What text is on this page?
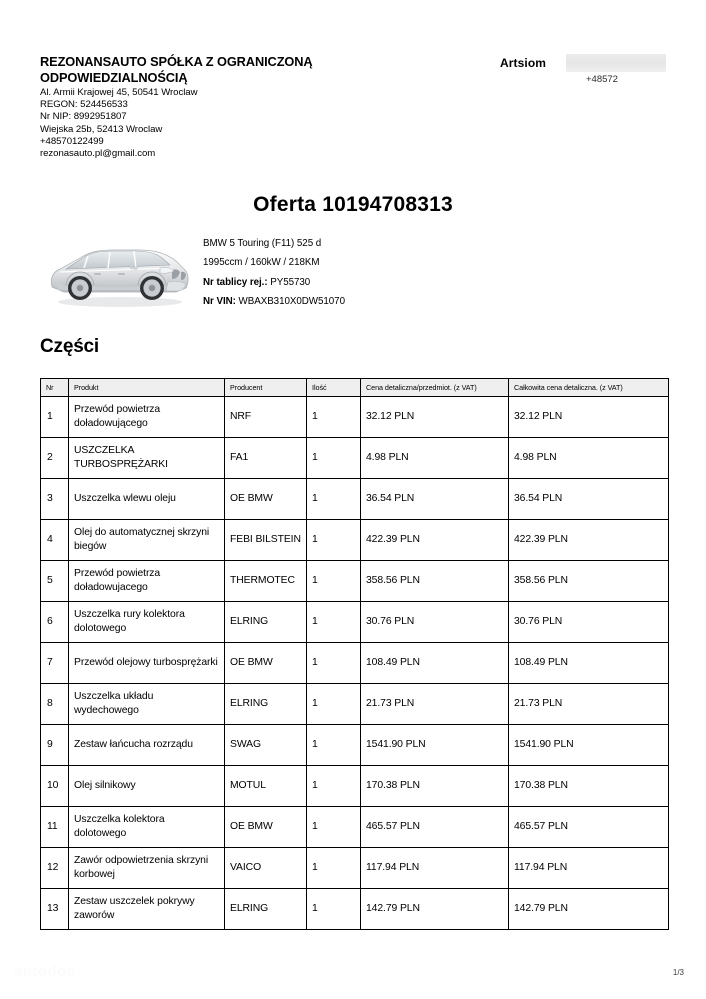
REZONANSAUTO SPÓŁKA Z OGRANICZONĄ ODPOWIEDZIALNOŚCIĄ
Al. Armii Krajowej 45, 50541 Wroclaw
REGON: 524456533
Nr NIP: 8992951807
Wiejska 25b, 52413 Wroclaw
+48570122499
rezonasauto.pl@gmail.com
Artsiom
+48572
Oferta 10194708313
BMW 5 Touring (F11) 525 d
1995ccm / 160kW / 218KM
Nr tablicy rej.: PY55730
Nr VIN: WBAXB310X0DW51070
Części
Nr	Produkt	Producent	Ilość	Cena detaliczna/przedmiot. (z VAT)	Całkowita cena detaliczna. (z VAT)
1	Przewód powietrza doładowującego	NRF	1	32.12 PLN	32.12 PLN
2	USZCZELKA TURBOSPRĘŻARKI	FA1	1	4.98 PLN	4.98 PLN
3	Uszczelka wlewu oleju	OE BMW	1	36.54 PLN	36.54 PLN
4	Olej do automatycznej skrzyni biegów	FEBI BILSTEIN	1	422.39 PLN	422.39 PLN
5	Przewód powietrza doładowujacego	THERMOTEC	1	358.56 PLN	358.56 PLN
6	Uszczelka rury kolektora dolotowego	ELRING	1	30.76 PLN	30.76 PLN
7	Przewód olejowy turbosprężarki	OE BMW	1	108.49 PLN	108.49 PLN
8	Uszczelka układu wydechowego	ELRING	1	21.73 PLN	21.73 PLN
9	Zestaw łańcucha rozrządu	SWAG	1	1541.90 PLN	1541.90 PLN
10	Olej silnikowy	MOTUL	1	170.38 PLN	170.38 PLN
11	Uszczelka kolektora dolotowego	OE BMW	1	465.57 PLN	465.57 PLN
12	Zawór odpowietrzenia skrzyni korbowej	VAICO	1	117.94 PLN	117.94 PLN
13	Zestaw uszczelek pokrywy zaworów	ELRING	1	142.79 PLN	142.79 PLN
autodoc	1/3
